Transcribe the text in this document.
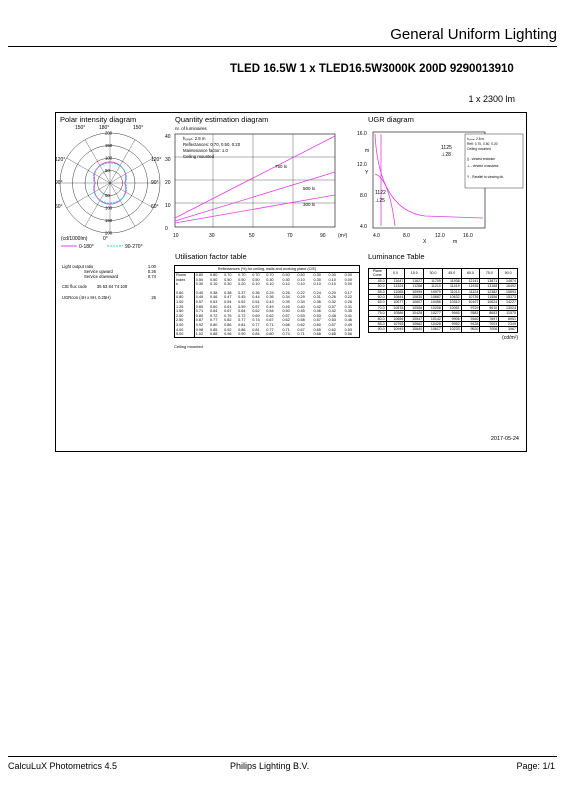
General Uniform Lighting
TLED 16.5W 1 x TLED16.5W3000K 200D 9290013910
1 x 2300 lm
Polar intensity diagram	Quantity estimation diagram	UGR diagram
Utilisation factor table	Luminance Table
200
150
100
50
50
100
150
200
150°	180°	150°
120°
90°
60°
120°
90°
60°
(cd/1000lm)	0°
0-180°	90-270°
nr. of luminaires
h₀ₚₑₙ: 2.8 m
Reflectances: 0.70, 0.50, 0.20
Maintenance factor: 1.0
Ceiling mounted
0
10
20
30
40
10	30	50	70	90 (m²)
750 lx
500 lx
300 lx
16.0
12.0
8.0
4.0
Y
m
4.0	8.0	12.0	16.0
X	m
1125
⊥28
1122
⊥25
h₀ₚₑₙ: 2.8 m
Refl: 0.70, 0.50, 0.20
Ceiling mounted
|| - viewed endwise
⊥ - viewed crosswise
Y - Parallel to viewing dir.
Light output ratio	1.00
Service upward	0.26
Service downward	0.74
CIE flux code 35 63 84 74 100
UGRcon (4H x 8H, 0.25H)	26
Reflectances (%) for ceiling, walls and working plane (CIE)
Room	0.80	0.80	0.70	0.70	0.70	0.70	0.50	0.50	0.30	0.30	0.00
Index	0.50	0.50	0.50	0.50	0.50	0.30	0.30	0.10	0.30	0.10	0.00
k	0.30	0.10	0.30	0.20	0.10	0.10	0.10	0.10	0.10	0.10	0.00
0.60	0.40	0.38	0.38	0.37	0.36	0.29	0.26	0.22	0.24	0.20	0.17
0.80	0.49	0.46	0.47	0.45	0.44	0.36	0.34	0.29	0.31	0.26	0.22
1.00	0.57	0.53	0.54	0.52	0.51	0.43	0.39	0.34	0.36	0.32	0.26
1.25	0.65	0.60	0.61	0.59	0.57	0.49	0.45	0.40	0.42	0.37	0.31
1.50	0.71	0.64	0.67	0.64	0.62	0.54	0.50	0.45	0.46	0.42	0.35
2.00	0.80	0.72	0.76	0.72	0.69	0.62	0.57	0.53	0.53	0.48	0.41
2.50	0.87	0.77	0.82	0.77	0.73	0.67	0.62	0.58	0.57	0.53	0.46
3.00	0.92	0.80	0.86	0.81	0.77	0.71	0.66	0.62	0.60	0.57	0.49
4.00	0.98	0.85	0.92	0.86	0.81	0.77	0.71	0.67	0.65	0.62	0.53
5.00	1.02	0.88	0.96	0.90	0.84	0.80	0.74	0.71	0.68	0.65	0.56
Ceiling mounted
Plane
Cone	0.0	15.0	30.0	45.0	60.0	75.0	90.0
45.0	11647	11627	11705	11938	12141	13871	14874
50.0	11324	11288	11210	11419	11935	13168	16492
55.0	11065	10999	10970	11014	11124	12382	15893
60.0	10844	10830	10687	10632	10735	11556	15373
65.0	10677	10607	10456	10310	10197	10624	14227
70.0	10576	10556	10208	10061	9729	9610	13024
75.0	10586	10428	10277	9945	9383	8653	11575
80.0	10656	10547	10142	9906	9160	7697	8951
85.0	10769	10662	10428	9952	9128	7003	2349
90.0	10949	10840	10617	10233	9520	7006	3967
(cd/m²)
2017-05-24
CalcuLuX Photometrics 4.5	Philips Lighting B.V.	Page: 1/1
